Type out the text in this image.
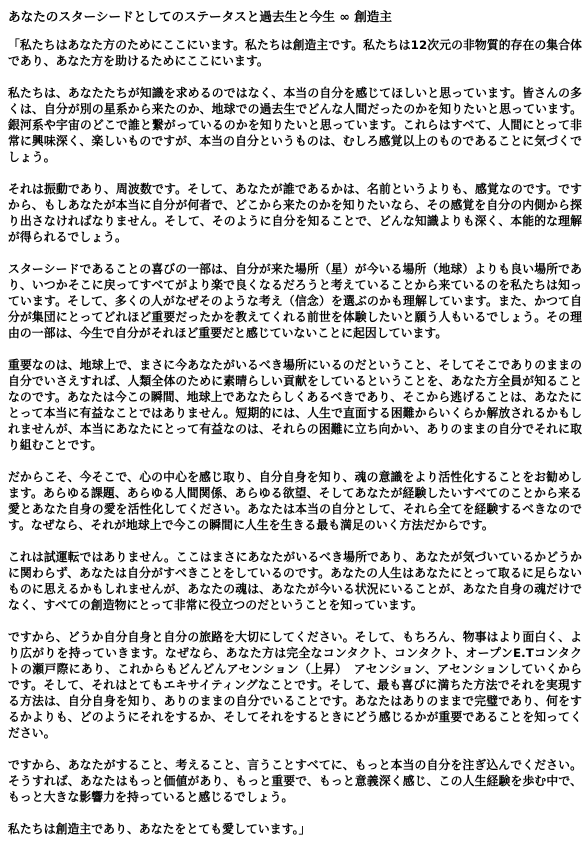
あなたのスターシードとしてのステータスと過去生と今生 ∞ 創造主

「私たちはあなた方のためにここにいます。私たちは創造主です。私たちは12次元の非物質的存在の集合体であり、あなた方を助けるためにここにいます。

私たちは、あなたたちが知識を求めるのではなく、本当の自分を感じてほしいと思っています。皆さんの多くは、自分が別の星系から来たのか、地球での過去生でどんな人間だったのかを知りたいと思っています。銀河系や宇宙のどこで誰と繋がっているのかを知りたいと思っています。これらはすべて、人間にとって非常に興味深く、楽しいものですが、本当の自分というものは、むしろ感覚以上のものであることに気づくでしょう。

それは振動であり、周波数です。そして、あなたが誰であるかは、名前というよりも、感覚なのです。ですから、もしあなたが本当に自分が何者で、どこから来たのかを知りたいなら、その感覚を自分の内側から探り出さなければなりません。そして、そのように自分を知ることで、どんな知識よりも深く、本能的な理解が得られるでしょう。

スターシードであることの喜びの一部は、自分が来た場所（星）が今いる場所（地球）よりも良い場所であり、いつかそこに戻ってすべてがより楽で良くなるだろうと考えていることから来ているのを私たちは知っています。そして、多くの人がなぜそのような考え（信念）を選ぶのかも理解しています。また、かつて自分が集団にとってどれほど重要だったかを教えてくれる前世を体験したいと願う人もいるでしょう。その理由の一部は、今生で自分がそれほど重要だと感じていないことに起因しています。

重要なのは、地球上で、まさに今あなたがいるべき場所にいるのだということ、そしてそこでありのままの自分でいさえすれば、人類全体のために素晴らしい貢献をしているということを、あなた方全員が知ることなのです。あなたは今この瞬間、地球上であなたらしくあるべきであり、そこから逃げることは、あなたにとって本当に有益なことではありません。短期的には、人生で直面する困難からいくらか解放されるかもしれませんが、本当にあなたにとって有益なのは、それらの困難に立ち向かい、ありのままの自分でそれに取り組むことです。

だからこそ、今そこで、心の中心を感じ取り、自分自身を知り、魂の意識をより活性化することをお勧めします。あらゆる課題、あらゆる人間関係、あらゆる欲望、そしてあなたが経験したいすべてのことから来る愛とあなた自身の愛を活性化してください。あなたは本当の自分として、それら全てを経験するべきなのです。なぜなら、それが地球上で今この瞬間に人生を生きる最も満足のいく方法だからです。

これは試運転ではありません。ここはまさにあなたがいるべき場所であり、あなたが気づいているかどうかに関わらず、あなたは自分がすべきことをしているのです。あなたの人生はあなたにとって取るに足らないものに思えるかもしれませんが、あなたの魂は、あなたが今いる状況にいることが、あなた自身の魂だけでなく、すべての創造物にとって非常に役立つのだということを知っています。

ですから、どうか自分自身と自分の旅路を大切にしてください。そして、もちろん、物事はより面白く、より広がりを持っていきます。なぜなら、あなた方は完全なコンタクト、コンタクト、オープンE.Tコンタクトの瀬戸際にあり、これからもどんどんアセンション（上昇）　アセンション、アセンションしていくからです。そして、それはとてもエキサイティングなことです。そして、最も喜びに満ちた方法でそれを実現する方法は、自分自身を知り、ありのままの自分でいることです。あなたはありのままで完璧であり、何をするかよりも、どのようにそれをするか、そしてそれをするときにどう感じるかが重要であることを知ってください。

ですから、あなたがすること、考えること、言うことすべてに、もっと本当の自分を注ぎ込んでください。そうすれば、あなたはもっと価値があり、もっと重要で、もっと意義深く感じ、この人生経験を歩む中で、もっと大きな影響力を持っていると感じるでしょう。

私たちは創造主であり、あなたをとても愛しています。」
